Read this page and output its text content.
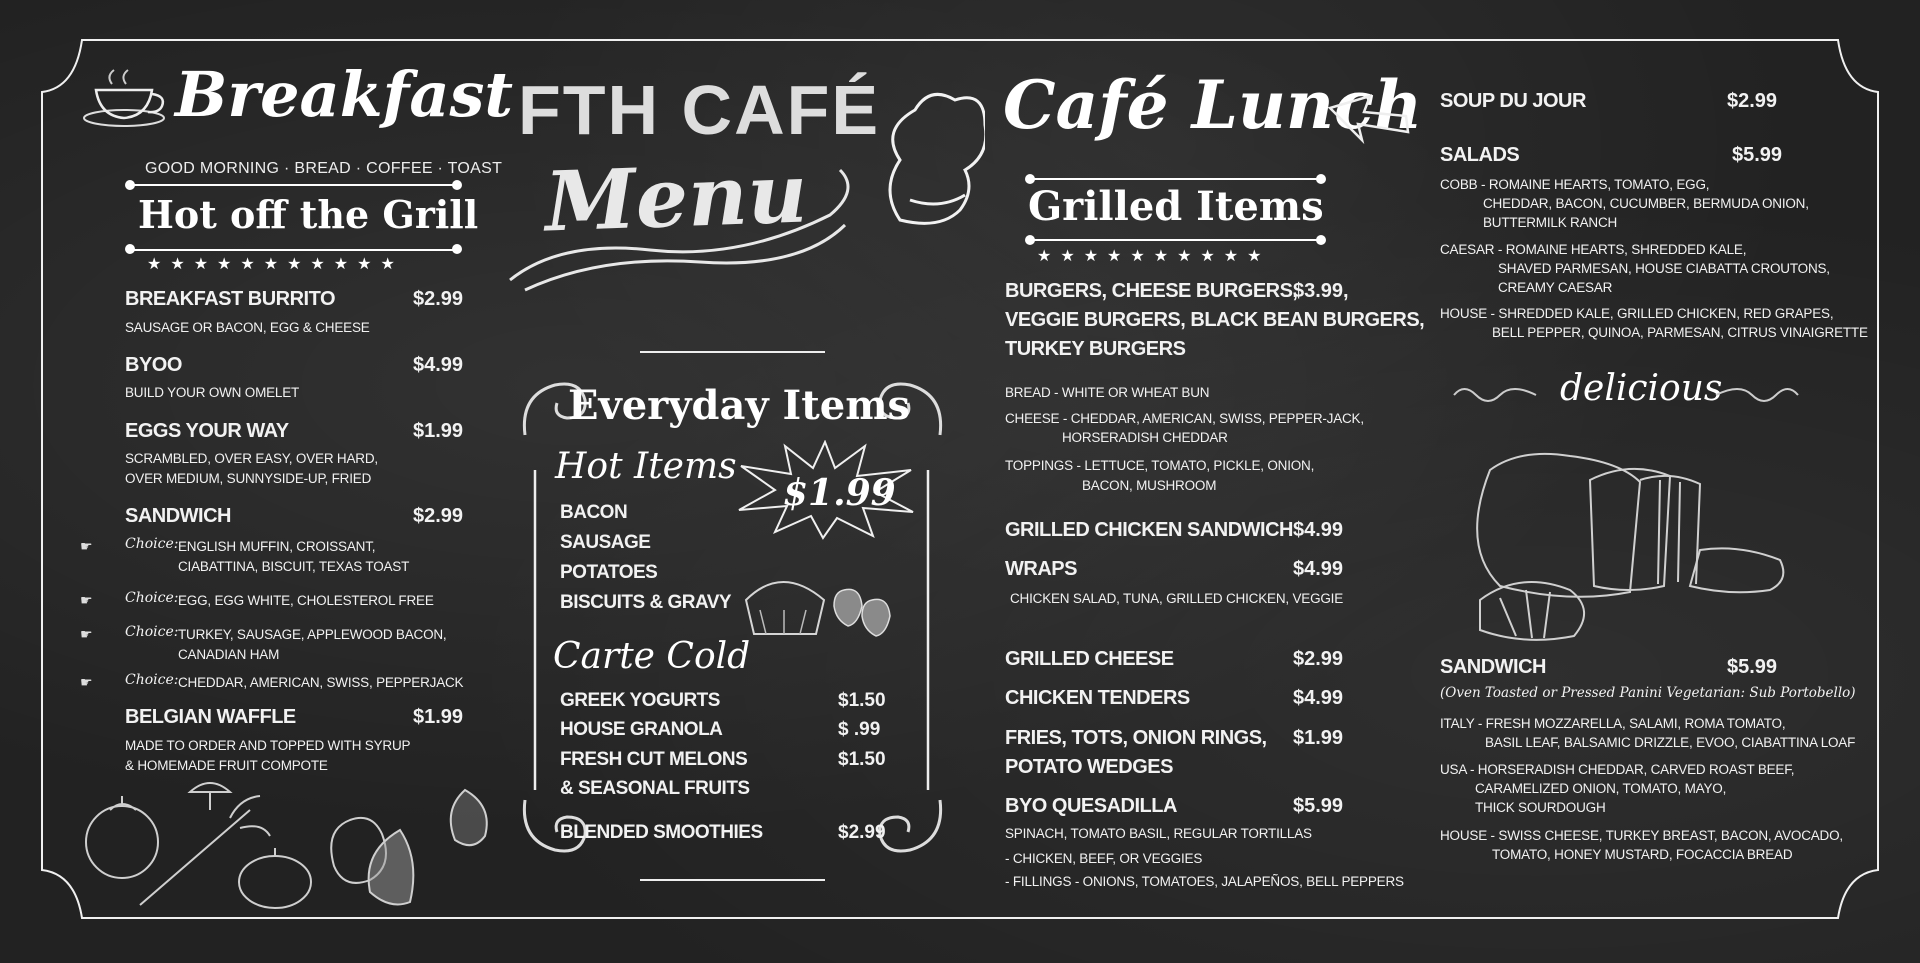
Breakfast
GOOD MORNING · BREAD · COFFEE · TOAST
Hot off the Grill
★★★★★★★★★★★
BREAKFAST BURRITO	$2.99
SAUSAGE OR BACON, EGG & CHEESE
BYOO	$4.99
BUILD YOUR OWN OMELET
EGGS YOUR WAY	$1.99
SCRAMBLED, OVER EASY, OVER HARD,
OVER MEDIUM, SUNNYSIDE-UP, FRIED
SANDWICH	$2.99
☛ Choice: ENGLISH MUFFIN, CROISSANT,
CIABATTINA, BISCUIT, TEXAS TOAST
☛ Choice: EGG, EGG WHITE, CHOLESTEROL FREE
☛ Choice: TURKEY, SAUSAGE, APPLEWOOD BACON,
CANADIAN HAM
☛ Choice: CHEDDAR, AMERICAN, SWISS, PEPPERJACK
BELGIAN WAFFLE	$1.99
MADE TO ORDER AND TOPPED WITH SYRUP
& HOMEMADE FRUIT COMPOTE
FTH CAFÉ
Menu
Everyday Items
Hot Items
$1.99
BACON
SAUSAGE
POTATOES
BISCUITS & GRAVY
Carte Cold
GREEK YOGURTS	$1.50
HOUSE GRANOLA	$ .99
FRESH CUT MELONS	$1.50
& SEASONAL FRUITS
BLENDED SMOOTHIES	$2.99
Café Lunch
Grilled Items
★★★★★★★★★★
BURGERS, CHEESE BURGERS,
$3.99,
VEGGIE BURGERS, BLACK BEAN BURGERS,
TURKEY BURGERS
BREAD - WHITE OR WHEAT BUN
CHEESE - CHEDDAR, AMERICAN, SWISS, PEPPER-JACK,
HORSERADISH CHEDDAR
TOPPINGS - LETTUCE, TOMATO, PICKLE, ONION,
BACON, MUSHROOM
GRILLED CHICKEN SANDWICH $4.99
WRAPS	$4.99
CHICKEN SALAD, TUNA, GRILLED CHICKEN, VEGGIE
GRILLED CHEESE	$2.99
CHICKEN TENDERS	$4.99
FRIES, TOTS, ONION RINGS, $1.99
POTATO WEDGES
BYO QUESADILLA	$5.99
SPINACH, TOMATO BASIL, REGULAR TORTILLAS
- CHICKEN, BEEF, OR VEGGIES
- FILLINGS - ONIONS, TOMATOES, JALAPEÑOS, BELL PEPPERS
SOUP DU JOUR	$2.99
SALADS	$5.99
COBB - ROMAINE HEARTS, TOMATO, EGG,
CHEDDAR, BACON, CUCUMBER, BERMUDA ONION,
BUTTERMILK RANCH
CAESAR - ROMAINE HEARTS, SHREDDED KALE,
SHAVED PARMESAN, HOUSE CIABATTA CROUTONS,
CREAMY CAESAR
HOUSE - SHREDDED KALE, GRILLED CHICKEN, RED GRAPES,
BELL PEPPER, QUINOA, PARMESAN, CITRUS VINAIGRETTE
delicious
SANDWICH	$5.99
(Oven Toasted or Pressed Panini Vegetarian: Sub Portobello)
ITALY - FRESH MOZZARELLA, SALAMI, ROMA TOMATO,
BASIL LEAF, BALSAMIC DRIZZLE, EVOO, CIABATTINA LOAF
USA - HORSERADISH CHEDDAR, CARVED ROAST BEEF,
CARAMELIZED ONION, TOMATO, MAYO,
THICK SOURDOUGH
HOUSE - SWISS CHEESE, TURKEY BREAST, BACON, AVOCADO,
TOMATO, HONEY MUSTARD, FOCACCIA BREAD
